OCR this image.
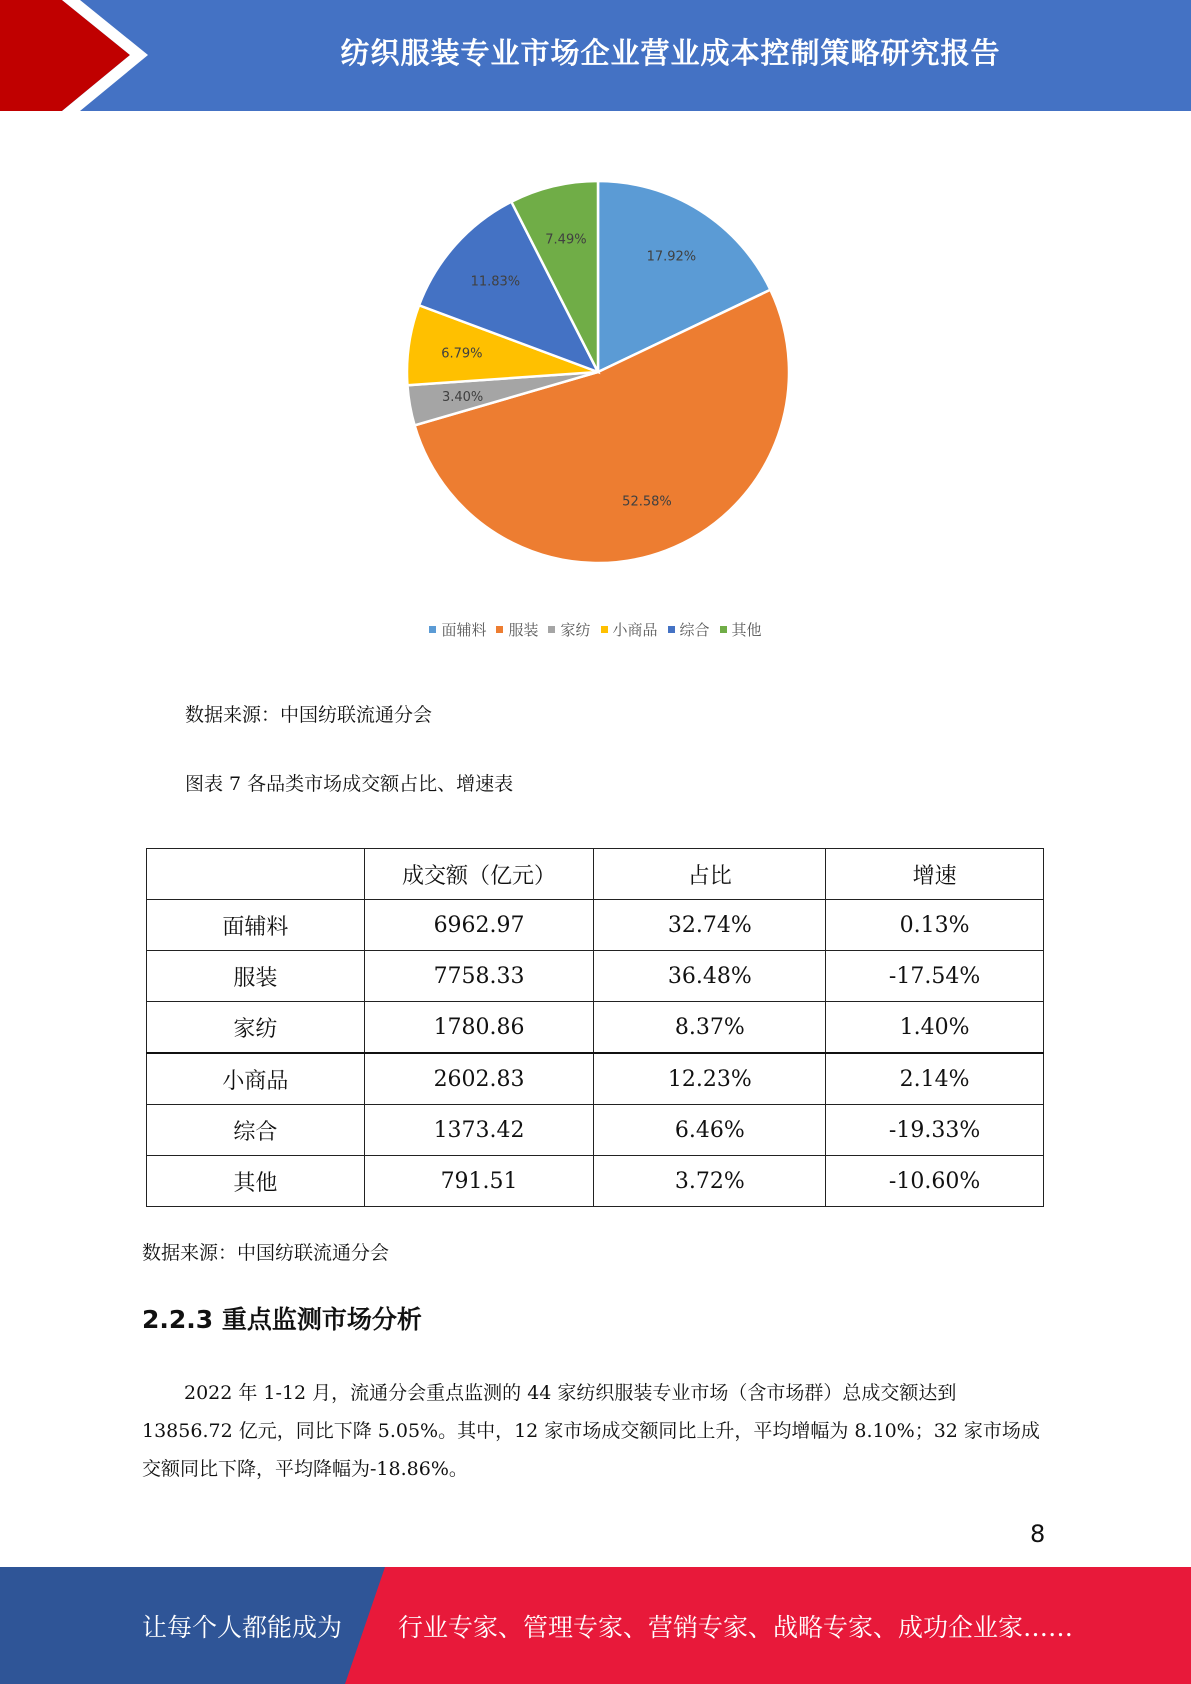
纺织服装专业市场企业营业成本控制策略研究报告
17.92%
52.58%
3.40%
6.79%
11.83%
7.49%
面辅料 服装 家纺 小商品 综合 其他
数据来源：中国纺联流通分会
图表 7 各品类市场成交额占比、增速表
	成交额（亿元）	占比	增速
面辅料	6962.97	32.74%	0.13%
服装	7758.33	36.48%	-17.54%
家纺	1780.86	8.37%	1.40%
小商品	2602.83	12.23%	2.14%
综合	1373.42	6.46%	-19.33%
其他	791.51	3.72%	-10.60%
数据来源：中国纺联流通分会
2.2.3 重点监测市场分析

2022 年 1-12 月，流通分会重点监测的 44 家纺织服装专业市场（含市场群）总成交额达到 13856.72 亿元，同比下降 5.05%。其中，12 家市场成交额同比上升，平均增幅为 8.10%；32 家市场成交额同比下降，平均降幅为-18.86%。

8
让每个人都能成为 行业专家、管理专家、营销专家、战略专家、成功企业家……
